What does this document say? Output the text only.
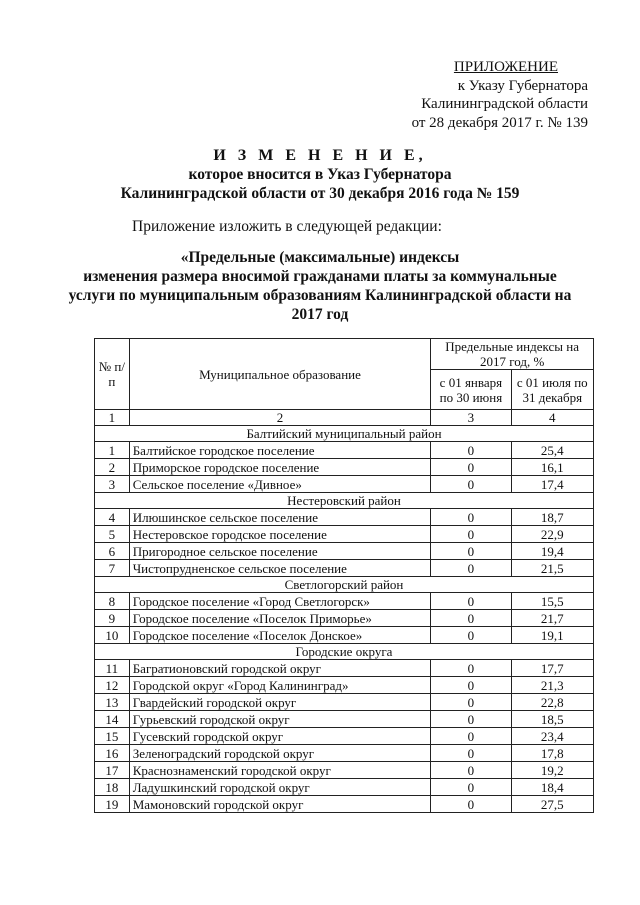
ПРИЛОЖЕНИЕ
к Указу Губернатора
Калининградской области
от 28 декабря 2017 г. № 139
И З М Е Н Е Н И Е,
которое вносится в Указ Губернатора
Калининградской области от 30 декабря 2016 года № 159
Приложение изложить в следующей редакции:
«Предельные (максимальные) индексы
изменения размера вносимой гражданами платы за коммунальные
услуги по муниципальным образованиям Калининградской области на
2017 год
№ п/п	Муниципальное образование	Предельные индексы на 2017 год, %	
		с 01 января по 30 июня	с 01 июля по 31 декабря
1	2	3	4
Балтийский муниципальный район			
1	Балтийское городское поселение	0	25,4
2	Приморское городское поселение	0	16,1
3	Сельское поселение «Дивное»	0	17,4
Нестеровский район			
4	Илюшинское сельское поселение	0	18,7
5	Нестеровское городское поселение	0	22,9
6	Пригородное сельское поселение	0	19,4
7	Чистопрудненское сельское поселение	0	21,5
Светлогорский район			
8	Городское поселение «Город Светлогорск»	0	15,5
9	Городское поселение «Поселок Приморье»	0	21,7
10	Городское поселение «Поселок Донское»	0	19,1
Городские округа			
11	Багратионовский городской округ	0	17,7
12	Городской округ «Город Калининград»	0	21,3
13	Гвардейский городской округ	0	22,8
14	Гурьевский городской округ	0	18,5
15	Гусевский городской округ	0	23,4
16	Зеленоградский городской округ	0	17,8
17	Краснознаменский городской округ	0	19,2
18	Ладушкинский городской округ	0	18,4
19	Мамоновский городской округ	0	27,5
